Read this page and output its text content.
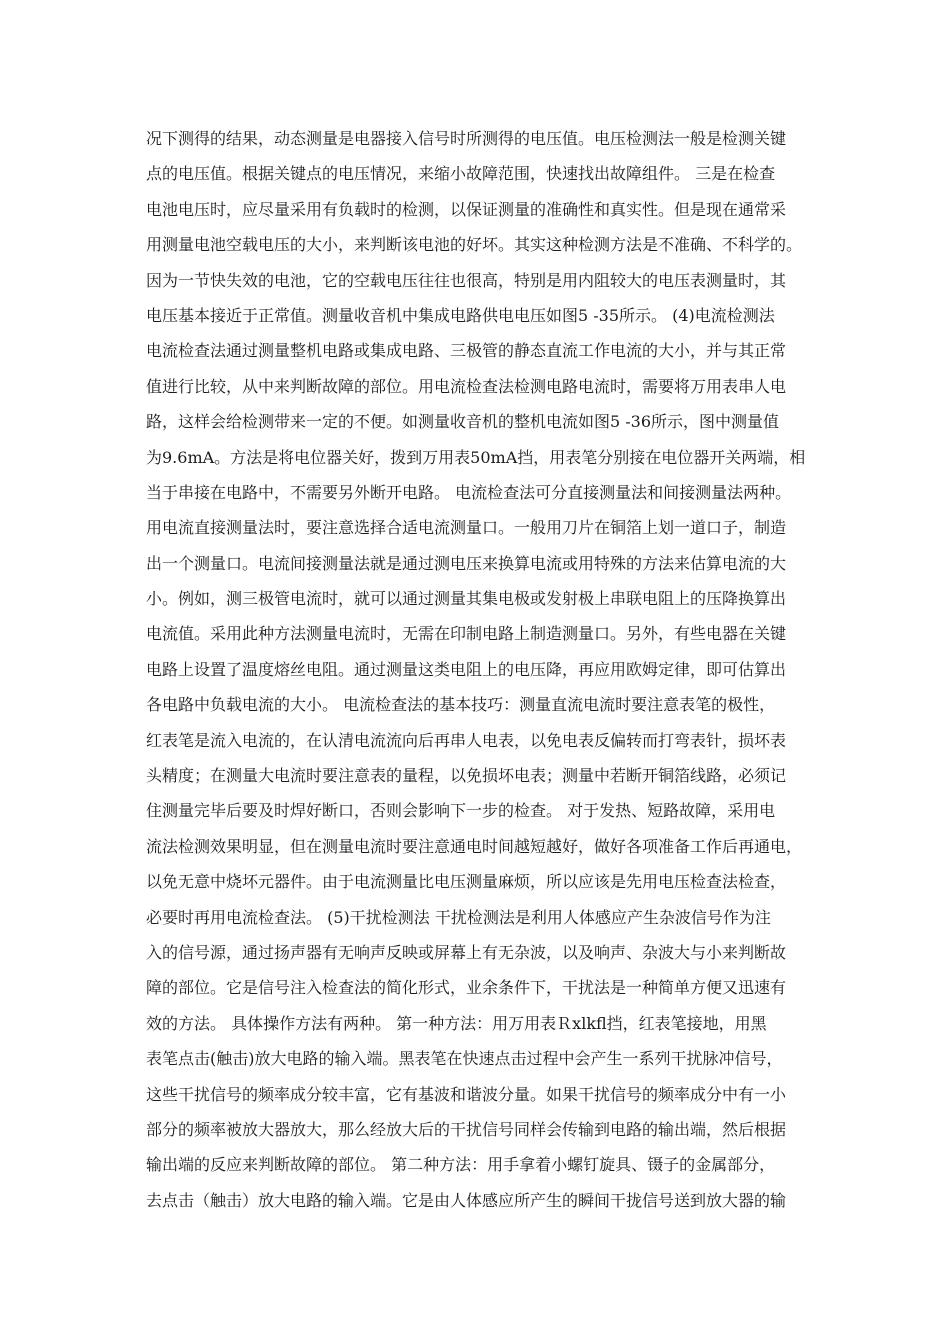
况下测得的结果，动态测量是电器接入信号时所测得的电压值。电压检测法一般是检测关键
点的电压值。根据关键点的电压情况，来缩小故障范围，快速找出故障组件。 三是在检查
电池电压时，应尽量采用有负载时的检测，以保证测量的准确性和真实性。但是现在通常采
用测量电池空载电压的大小，来判断该电池的好坏。其实这种检测方法是不准确、不科学的。
因为一节快失效的电池，它的空载电压往往也很高，特别是用内阻较大的电压表测量时，其
电压基本接近于正常值。测量收音机中集成电路供电电压如图5 -35所示。 (4)电流检测法
电流检查法通过测量整机电路或集成电路、三极管的静态直流工作电流的大小，并与其正常
值进行比较，从中来判断故障的部位。用电流检查法检测电路电流时，需要将万用表串人电
路，这样会给检测带来一定的不便。如测量收音机的整机电流如图5 -36所示，图中测量值
为9.6mA。方法是将电位器关好，拨到万用表50mA挡，用表笔分别接在电位器开关两端，相
当于串接在电路中，不需要另外断开电路。 电流检查法可分直接测量法和间接测量法两种。
用电流直接测量法时，要注意选择合适电流测量口。一般用刀片在铜箔上划一道口子，制造
出一个测量口。电流间接测量法就是通过测电压来换算电流或用特殊的方法来估算电流的大
小。例如，测三极管电流时，就可以通过测量其集电极或发射极上串联电阻上的压降换算出
电流值。采用此种方法测量电流时，无需在印制电路上制造测量口。另外，有些电器在关键
电路上设置了温度熔丝电阻。通过测量这类电阻上的电压降，再应用欧姆定律，即可估算出
各电路中负载电流的大小。 电流检查法的基本技巧：测量直流电流时要注意表笔的极性，
红表笔是流入电流的，在认清电流流向后再串人电表，以免电表反偏转而打弯表针，损坏表
头精度；在测量大电流时要注意表的量程，以免损坏电表；测量中若断开铜箔线路，必须记
住测量完毕后要及时焊好断口，否则会影响下一步的检查。 对于发热、短路故障，采用电
流法检测效果明显，但在测量电流时要注意通电时间越短越好，做好各项准备工作后再通电，
以免无意中烧坏元器件。由于电流测量比电压测量麻烦，所以应该是先用电压检查法检查，
必要时再用电流检查法。 (5)干扰检测法 干扰检测法是利用人体感应产生杂波信号作为注
入的信号源，通过扬声器有无响声反映或屏幕上有无杂波，以及响声、杂波大与小来判断故
障的部位。它是信号注入检查法的简化形式，业余条件下，干扰法是一种简单方便又迅速有
效的方法。 具体操作方法有两种。 第一种方法：用万用表Ｒxlkfl挡，红表笔接地，用黑
表笔点击(触击)放大电路的输入端。黑表笔在快速点击过程中会产生一系列干扰脉冲信号，
这些干扰信号的频率成分较丰富，它有基波和谐波分量。如果干扰信号的频率成分中有一小
部分的频率被放大器放大，那么经放大后的干扰信号同样会传输到电路的输出端，然后根据
输出端的反应来判断故障的部位。 第二种方法：用手拿着小螺钉旋具、镊子的金属部分，
去点击（触击）放大电路的输入端。它是由人体感应所产生的瞬间干拢信号送到放大器的输
